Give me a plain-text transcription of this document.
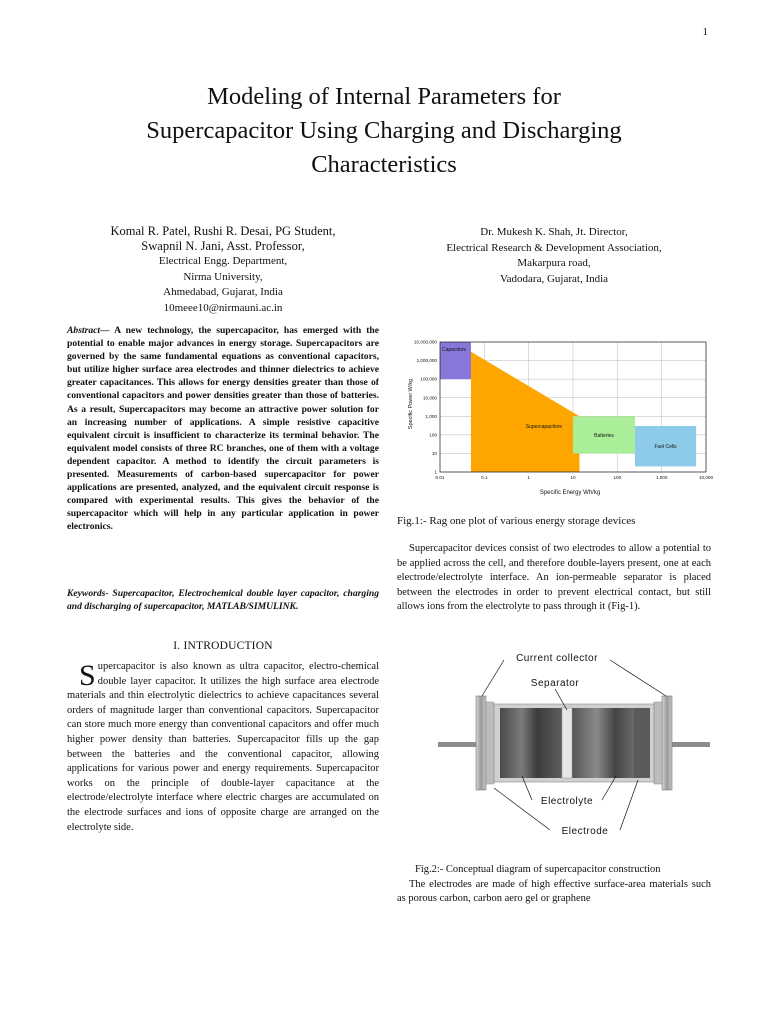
1
Modeling of Internal Parameters for
Supercapacitor Using Charging and Discharging
Characteristics
Komal R. Patel, Rushi R. Desai, PG Student,
Swapnil N. Jani, Asst. Professor,
Electrical Engg. Department,
Nirma University,
Ahmedabad, Gujarat, India
10meee10@nirmauni.ac.in
Dr. Mukesh K. Shah, Jt. Director,
Electrical Research & Development Association,
Makarpura road,
Vadodara, Gujarat, India
Abstract— A new technology, the supercapacitor, has emerged with the potential to enable major advances in energy storage. Supercapacitors are governed by the same fundamental equations as conventional capacitors, but utilize higher surface area electrodes and thinner dielectrics to achieve greater capacitances. This allows for energy densities greater than those of conventional capacitors and power densities greater than those of batteries. As a result, Supercapacitors may become an attractive power solution for an increasing number of applications. A simple resistive capacitive equivalent circuit is insufficient to characterize its terminal behavior. The equivalent model consists of three RC branches, one of them with a voltage dependent capacitor. A method to identify the circuit parameters is presented. Measurements of carbon-based supercapacitor for power applications are presented, analyzed, and the equivalent circuit response is compared with experimental results. This gives the behavior of the supercapacitor which will help in any particular application in power electronics.
Keywords- Supercapacitor, Electrochemical double layer capacitor, charging and discharging of supercapacitor, MATLAB/SIMULINK.
I. INTRODUCTION
Supercapacitor is also known as ultra capacitor, electro-chemical double layer capacitor. It utilizes the high surface area electrode materials and thin electrolytic dielectrics to achieve capacitances several orders of magnitude larger than conventional capacitors. Supercapacitor can store much more energy than conventional capacitors and offer much higher power density than batteries. Supercapacitor fills up the gap between the batteries and the conventional capacitor, allowing applications for various power and energy requirements. Supercapacitor works on the principle of double-layer capacitance at the electrode/electrolyte interface where electric charges are accumulated on the electrode surfaces and ions of opposite charge are arranged on the electrolyte side.
Capacitors
Supercapacitors
Batteries
Fuel Cells
0.01	0.1	1	10	100	1,000	10,000
1
10
100
1,000
10,000
100,000
1,000,000
10,000,000
Specific Energy Wh/kg
Specific Power W/kg
Fig.1:- Rag one plot of various energy storage devices
Supercapacitor devices consist of two electrodes to allow a potential to be applied across the cell, and therefore double-layers present, one at each electrode/electrolyte interface. An ion-permeable separator is placed between the electrodes in order to prevent electrical contact, but still allows ions from the electrolyte to pass through it (Fig-1).
Current collector
Separator
Electrolyte
Electrode
Fig.2:- Conceptual diagram of supercapacitor construction
The electrodes are made of high effective surface-area materials such as porous carbon, carbon aero gel or graphene
